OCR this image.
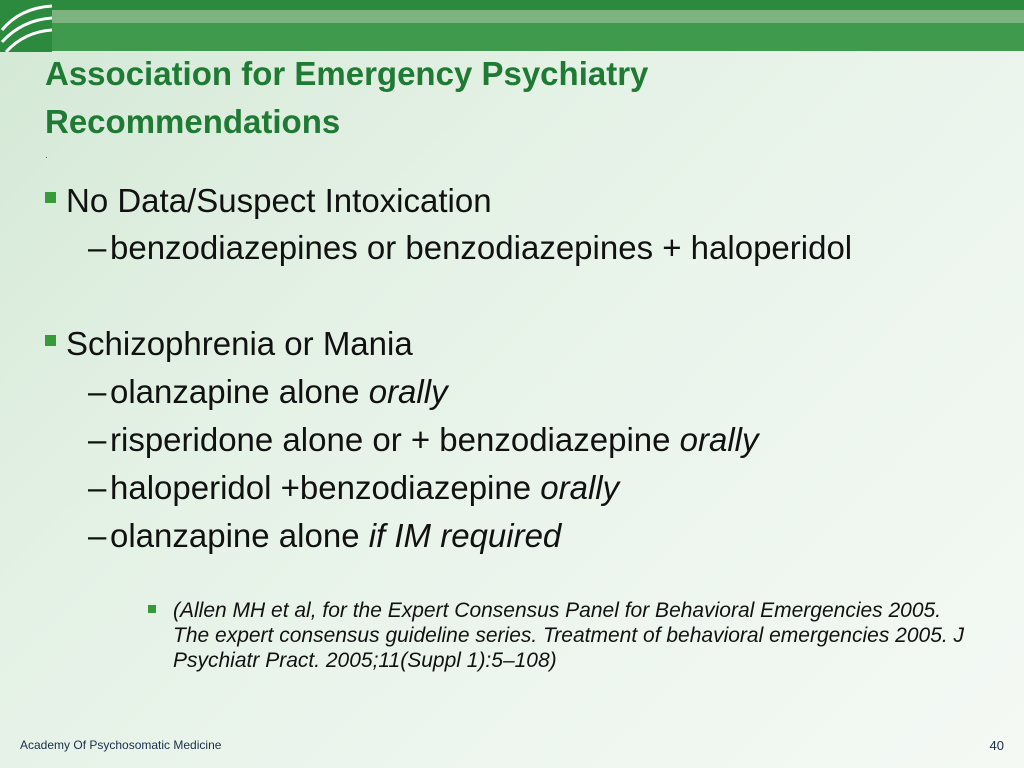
Association for Emergency Psychiatry Recommendations
.
No Data/Suspect Intoxication
– benzodiazepines or benzodiazepines + haloperidol
Schizophrenia or Mania
– olanzapine alone orally
– risperidone alone or + benzodiazepine orally
– haloperidol +benzodiazepine orally
– olanzapine alone if IM required
(Allen MH et al, for the Expert Consensus Panel for Behavioral Emergencies 2005. The expert consensus guideline series. Treatment of behavioral emergencies 2005. J Psychiatr Pract. 2005;11(Suppl 1):5–108)
Academy Of Psychosomatic Medicine	40
